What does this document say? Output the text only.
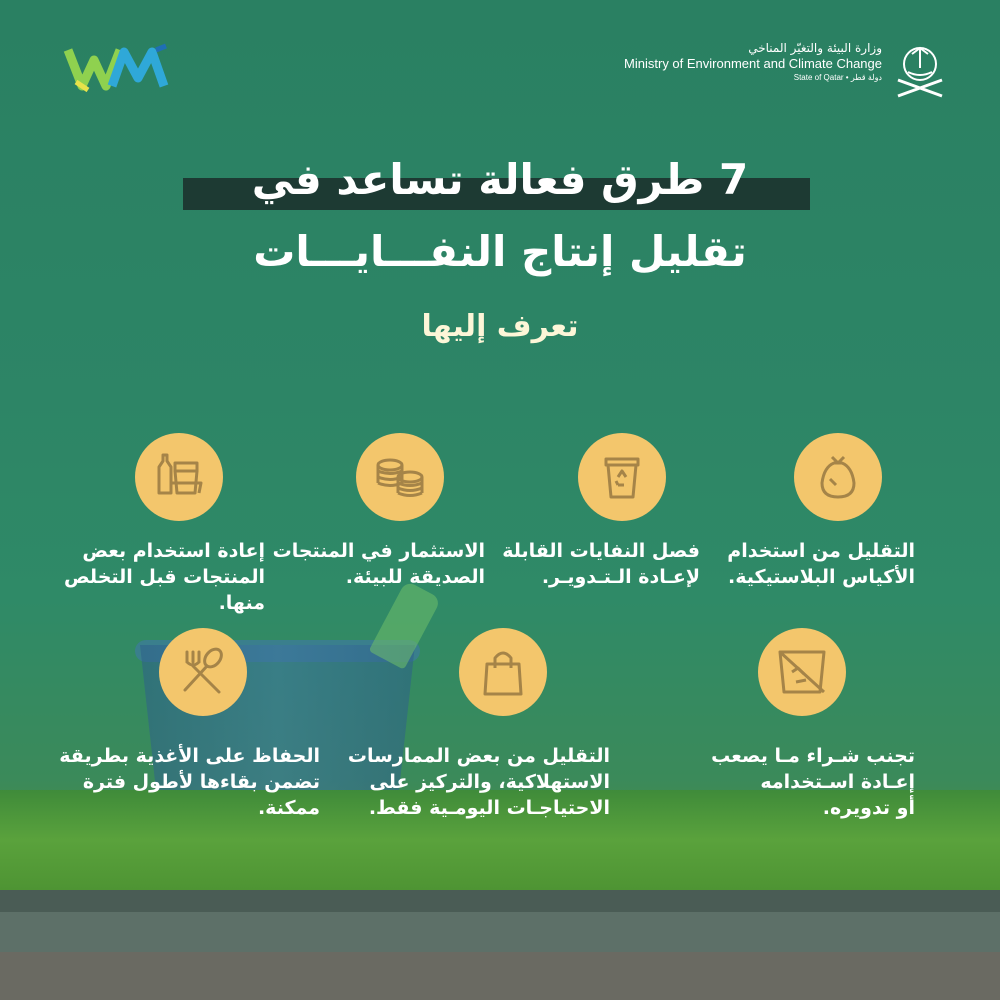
وزارة البيئة والتغيّر المناخي
Ministry of Environment and Climate Change
State of Qatar • دولة قطر
7 طرق فعالة تساعد في
تقليل إنتاج النفـــايـــات
تعرف إليها
التقليل من استخدام
الأكياس البلاستيكية.
فصل النفايات القابلة
لإعـادة الـتـدويـر.
الاستثمار في المنتجات
الصديقة للبيئة.
إعادة استخدام بعض
المنتجات قبل التخلص
منها.
تجنب شـراء مـا يصعب
إعـادة اسـتخدامه
أو تدويره.
التقليل من بعض الممارسات
الاستهلاكية، والتركيز على
الاحتياجـات اليومـية فقط.
الحفاظ على الأغذية بطريقة
تضمن بقاءها لأطول فترة
ممكنة.
